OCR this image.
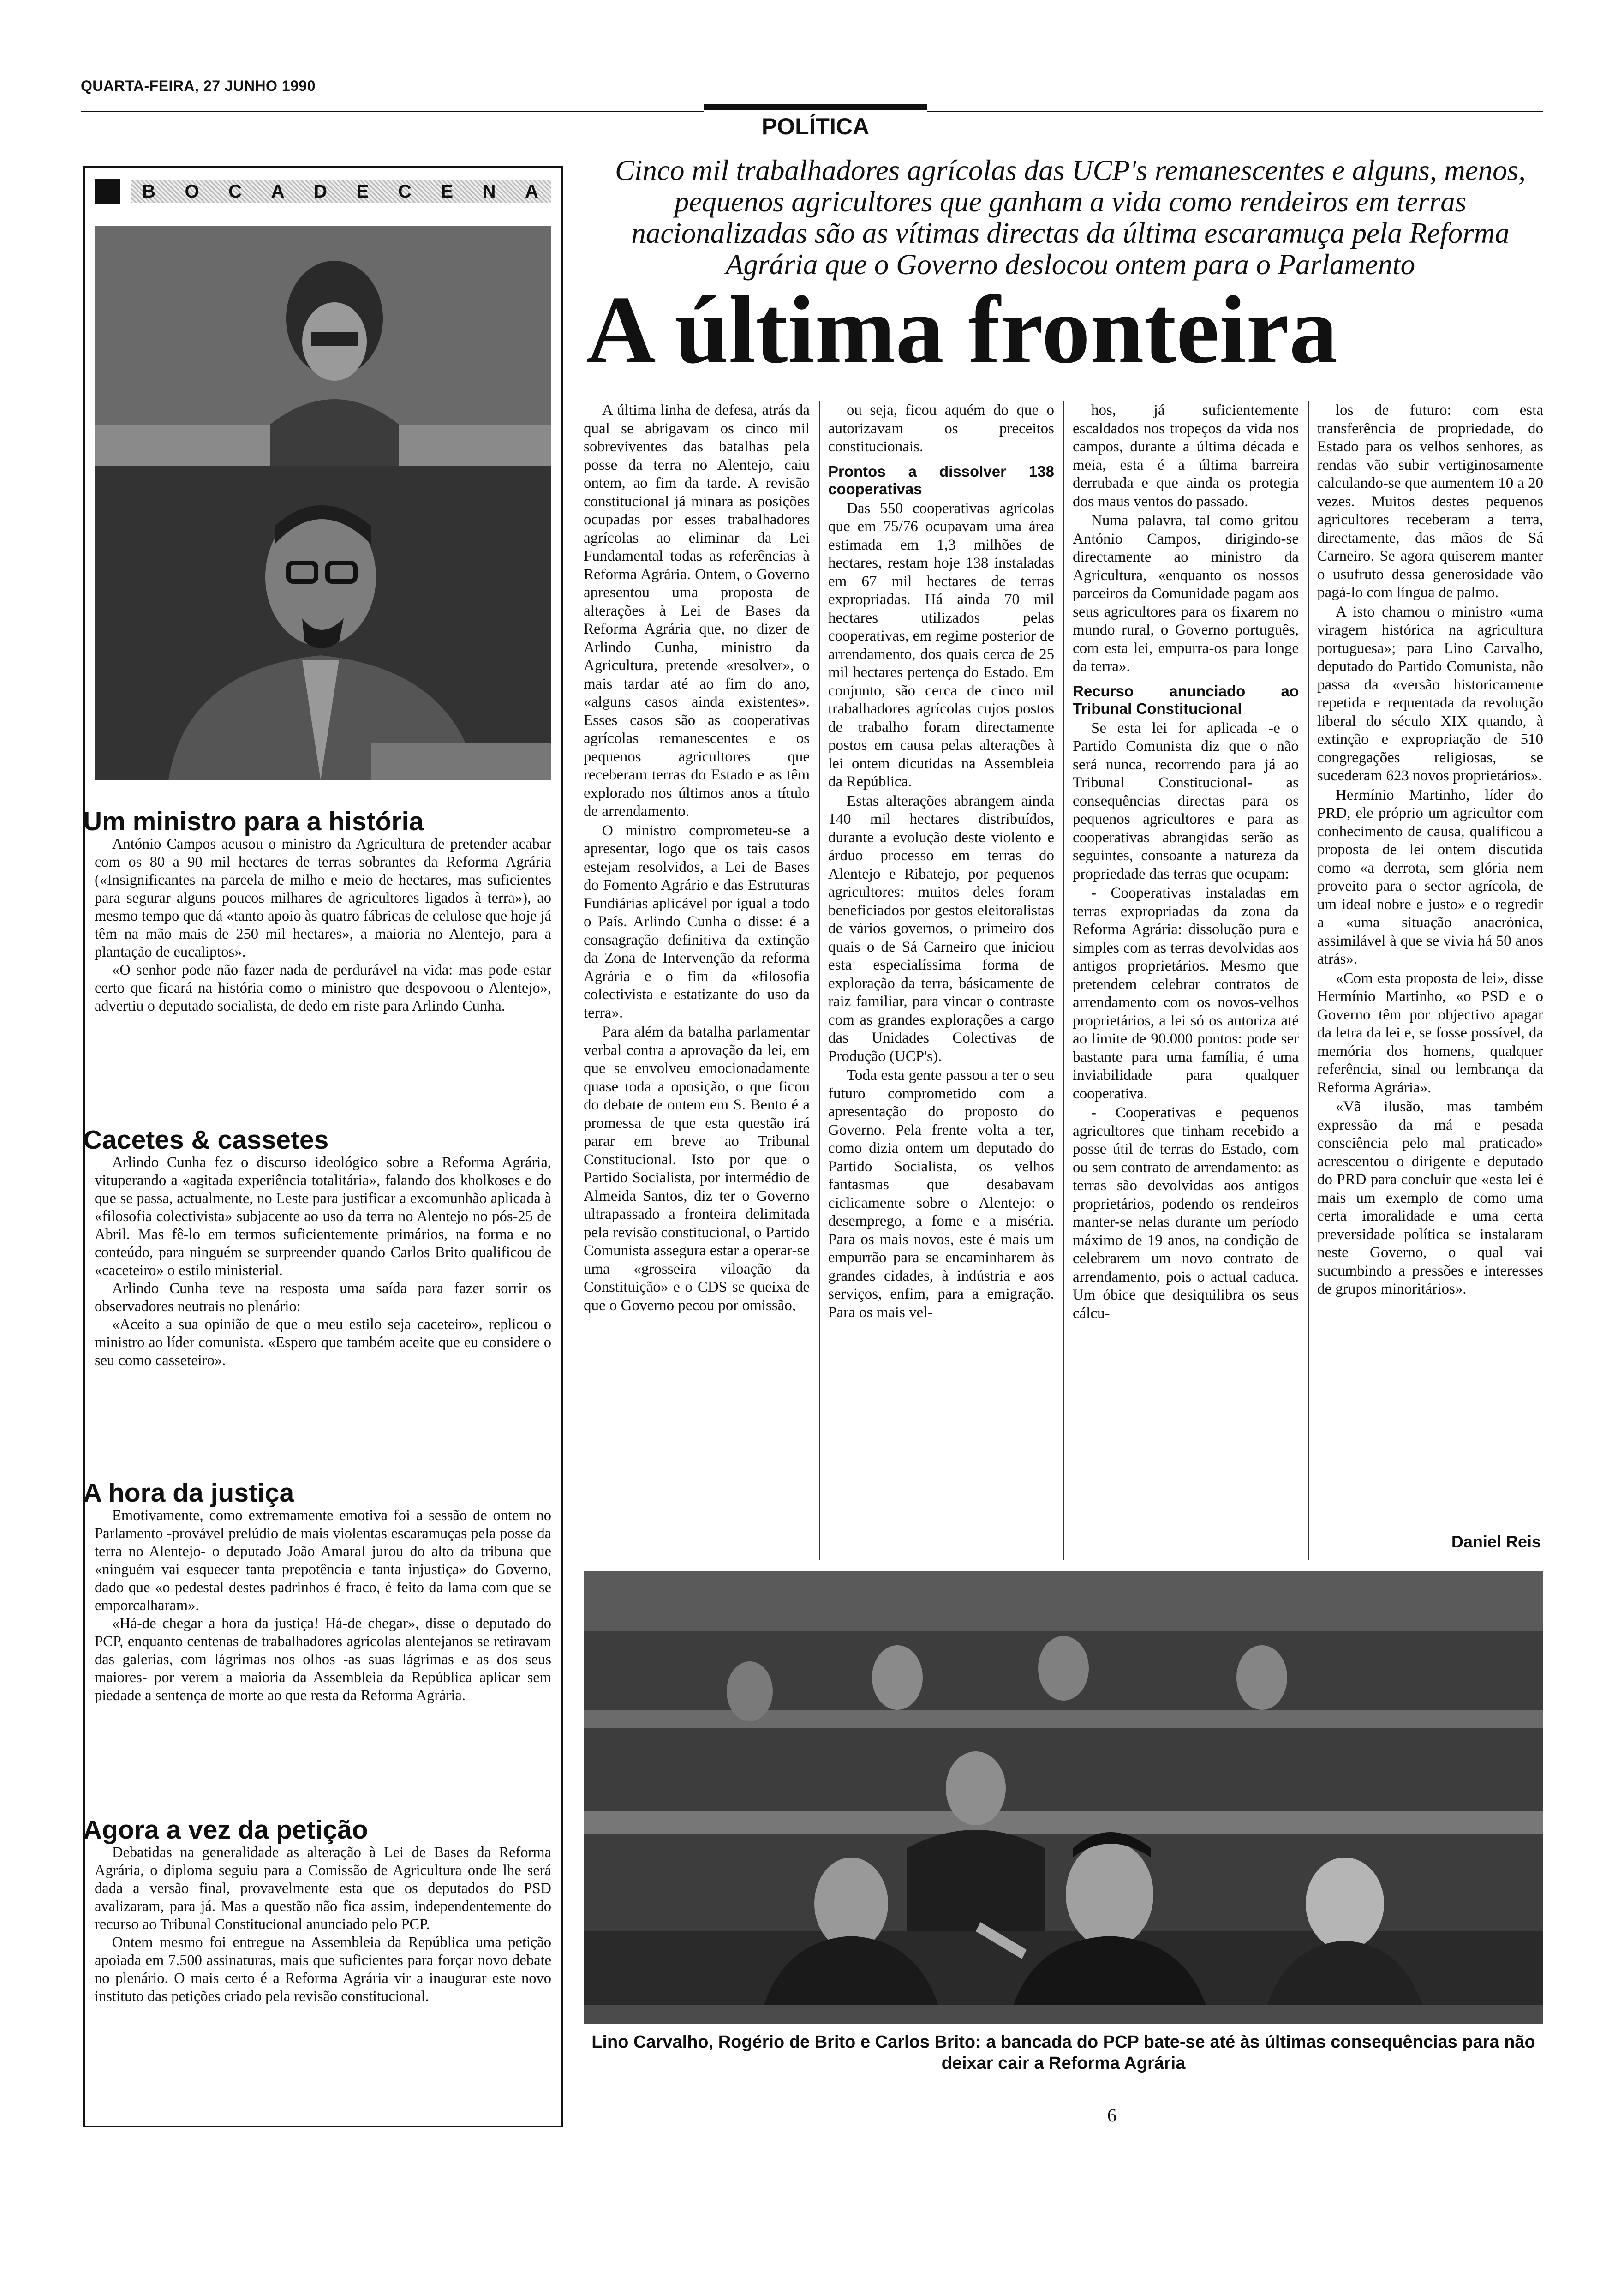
QUARTA-FEIRA, 27 JUNHO 1990
POLÍTICA
B O C A D E C E N A
Um ministro para a história

António Campos acusou o ministro da Agricultura de pretender acabar com os 80 a 90 mil hectares de terras sobrantes da Reforma Agrária («Insignificantes na parcela de milho e meio de hectares, mas suficientes para segurar alguns poucos milhares de agricultores ligados à terra»), ao mesmo tempo que dá «tanto apoio às quatro fábricas de celulose que hoje já têm na mão mais de 250 mil hectares», a maioria no Alentejo, para a plantação de eucaliptos».

«O senhor pode não fazer nada de perdurável na vida: mas pode estar certo que ficará na história como o ministro que despovoou o Alentejo», advertiu o deputado socialista, de dedo em riste para Arlindo Cunha.

Cacetes & cassetes

Arlindo Cunha fez o discurso ideológico sobre a Reforma Agrária, vituperando a «agitada experiência totalitária», falando dos kholkoses e do que se passa, actualmente, no Leste para justificar a excomunhão aplicada à «filosofia colectivista» subjacente ao uso da terra no Alentejo no pós-25 de Abril. Mas fê-lo em termos suficientemente primários, na forma e no conteúdo, para ninguém se surpreender quando Carlos Brito qualificou de «caceteiro» o estilo ministerial.

Arlindo Cunha teve na resposta uma saída para fazer sorrir os observadores neutrais no plenário:

«Aceito a sua opinião de que o meu estilo seja caceteiro», replicou o ministro ao líder comunista. «Espero que também aceite que eu considere o seu como casseteiro».

A hora da justiça

Emotivamente, como extremamente emotiva foi a sessão de ontem no Parlamento -provável prelúdio de mais violentas escaramuças pela posse da terra no Alentejo- o deputado João Amaral jurou do alto da tribuna que «ninguém vai esquecer tanta prepotência e tanta injustiça» do Governo, dado que «o pedestal destes padrinhos é fraco, é feito da lama com que se emporcalharam».

«Há-de chegar a hora da justiça! Há-de chegar», disse o deputado do PCP, enquanto centenas de trabalhadores agrícolas alentejanos se retiravam das galerias, com lágrimas nos olhos -as suas lágrimas e as dos seus maiores- por verem a maioria da Assembleia da República aplicar sem piedade a sentença de morte ao que resta da Reforma Agrária.

Agora a vez da petição

Debatidas na generalidade as alteração à Lei de Bases da Reforma Agrária, o diploma seguiu para a Comissão de Agricultura onde lhe será dada a versão final, provavelmente esta que os deputados do PSD avalizaram, para já. Mas a questão não fica assim, independentemente do recurso ao Tribunal Constitucional anunciado pelo PCP.

Ontem mesmo foi entregue na Assembleia da República uma petição apoiada em 7.500 assinaturas, mais que suficientes para forçar novo debate no plenário. O mais certo é a Reforma Agrária vir a inaugurar este novo instituto das petições criado pela revisão constitucional.

Cinco mil trabalhadores agrícolas das UCP's remanescentes e alguns, menos, pequenos agricultores que ganham a vida como rendeiros em terras nacionalizadas são as vítimas directas da última escaramuça pela Reforma Agrária que o Governo deslocou ontem para o Parlamento
A última fronteira

A última linha de defesa, atrás da qual se abrigavam os cinco mil sobreviventes das batalhas pela posse da terra no Alentejo, caiu ontem, ao fim da tarde. A revisão constitucional já minara as posições ocupadas por esses trabalhadores agrícolas ao eliminar da Lei Fundamental todas as referências à Reforma Agrária. Ontem, o Governo apresentou uma proposta de alterações à Lei de Bases da Reforma Agrária que, no dizer de Arlindo Cunha, ministro da Agricultura, pretende «resolver», o mais tardar até ao fim do ano, «alguns casos ainda existentes». Esses casos são as cooperativas agrícolas remanescentes e os pequenos agricultores que receberam terras do Estado e as têm explorado nos últimos anos a título de arrendamento.

O ministro comprometeu-se a apresentar, logo que os tais casos estejam resolvidos, a Lei de Bases do Fomento Agrário e das Estruturas Fundiárias aplicável por igual a todo o País. Arlindo Cunha o disse: é a consagração definitiva da extinção da Zona de Intervenção da reforma Agrária e o fim da «filosofia colectivista e estatizante do uso da terra».

Para além da batalha parlamentar verbal contra a aprovação da lei, em que se envolveu emocionadamente quase toda a oposição, o que ficou do debate de ontem em S. Bento é a promessa de que esta questão irá parar em breve ao Tribunal Constitucional. Isto por que o Partido Socialista, por intermédio de Almeida Santos, diz ter o Governo ultrapassado a fronteira delimitada pela revisão constitucional, o Partido Comunista assegura estar a operar-se uma «grosseira viloação da Constituição» e o CDS se queixa de que o Governo pecou por omissão,

ou seja, ficou aquém do que o autorizavam os preceitos constitucionais.

Prontos a dissolver 138 cooperativas

Das 550 cooperativas agrícolas que em 75/76 ocupavam uma área estimada em 1,3 milhões de hectares, restam hoje 138 instaladas em 67 mil hectares de terras expropriadas. Há ainda 70 mil hectares utilizados pelas cooperativas, em regime posterior de arrendamento, dos quais cerca de 25 mil hectares pertença do Estado. Em conjunto, são cerca de cinco mil trabalhadores agrícolas cujos postos de trabalho foram directamente postos em causa pelas alterações à lei ontem dicutidas na Assembleia da República.

Estas alterações abrangem ainda 140 mil hectares distribuídos, durante a evolução deste violento e árduo processo em terras do Alentejo e Ribatejo, por pequenos agricultores: muitos deles foram beneficiados por gestos eleitoralistas de vários governos, o primeiro dos quais o de Sá Carneiro que iniciou esta especialíssima forma de exploração da terra, básicamente de raiz familiar, para vincar o contraste com as grandes explorações a cargo das Unidades Colectivas de Produção (UCP's).

Toda esta gente passou a ter o seu futuro comprometido com a apresentação do proposto do Governo. Pela frente volta a ter, como dizia ontem um deputado do Partido Socialista, os velhos fantasmas que desabavam ciclicamente sobre o Alentejo: o desemprego, a fome e a miséria. Para os mais novos, este é mais um empurrão para se encaminharem às grandes cidades, à indústria e aos serviços, enfim, para a emigração. Para os mais vel-

hos, já suficientemente escaldados nos tropeços da vida nos campos, durante a última década e meia, esta é a última barreira derrubada e que ainda os protegia dos maus ventos do passado.

Numa palavra, tal como gritou António Campos, dirigindo-se directamente ao ministro da Agricultura, «enquanto os nossos parceiros da Comunidade pagam aos seus agricultores para os fixarem no mundo rural, o Governo português, com esta lei, empurra-os para longe da terra».

Recurso anunciado ao Tribunal Constitucional

Se esta lei for aplicada -e o Partido Comunista diz que o não será nunca, recorrendo para já ao Tribunal Constitucional- as consequências directas para os pequenos agricultores e para as cooperativas abrangidas serão as seguintes, consoante a natureza da propriedade das terras que ocupam:

- Cooperativas instaladas em terras expropriadas da zona da Reforma Agrária: dissolução pura e simples com as terras devolvidas aos antigos proprietários. Mesmo que pretendem celebrar contratos de arrendamento com os novos-velhos proprietários, a lei só os autoriza até ao limite de 90.000 pontos: pode ser bastante para uma família, é uma inviabilidade para qualquer cooperativa.

- Cooperativas e pequenos agricultores que tinham recebido a posse útil de terras do Estado, com ou sem contrato de arrendamento: as terras são devolvidas aos antigos proprietários, podendo os rendeiros manter-se nelas durante um período máximo de 19 anos, na condição de celebrarem um novo contrato de arrendamento, pois o actual caduca. Um óbice que desiquilibra os seus cálcu-

los de futuro: com esta transferência de propriedade, do Estado para os velhos senhores, as rendas vão subir vertiginosamente calculando-se que aumentem 10 a 20 vezes. Muitos destes pequenos agricultores receberam a terra, directamente, das mãos de Sá Carneiro. Se agora quiserem manter o usufruto dessa generosidade vão pagá-lo com língua de palmo.

A isto chamou o ministro «uma viragem histórica na agricultura portuguesa»; para Lino Carvalho, deputado do Partido Comunista, não passa da «versão historicamente repetida e requentada da revolução liberal do século XIX quando, à extinção e expropriação de 510 congregações religiosas, se sucederam 623 novos proprietários».

Hermínio Martinho, líder do PRD, ele próprio um agricultor com conhecimento de causa, qualificou a proposta de lei ontem discutida como «a derrota, sem glória nem proveito para o sector agrícola, de um ideal nobre e justo» e o regredir a «uma situação anacrónica, assimilável à que se vivia há 50 anos atrás».

«Com esta proposta de lei», disse Hermínio Martinho, «o PSD e o Governo têm por objectivo apagar da letra da lei e, se fosse possível, da memória dos homens, qualquer referência, sinal ou lembrança da Reforma Agrária».

«Vã ilusão, mas também expressão da má e pesada consciência pelo mal praticado» acrescentou o dirigente e deputado do PRD para concluir que «esta lei é mais um exemplo de como uma certa imoralidade e uma certa preversidade política se instalaram neste Governo, o qual vai sucumbindo a pressões e interesses de grupos minoritários».

Daniel Reis
Lino Carvalho, Rogério de Brito e Carlos Brito: a bancada do PCP bate-se até às últimas consequências para não deixar cair a Reforma Agrária
6
